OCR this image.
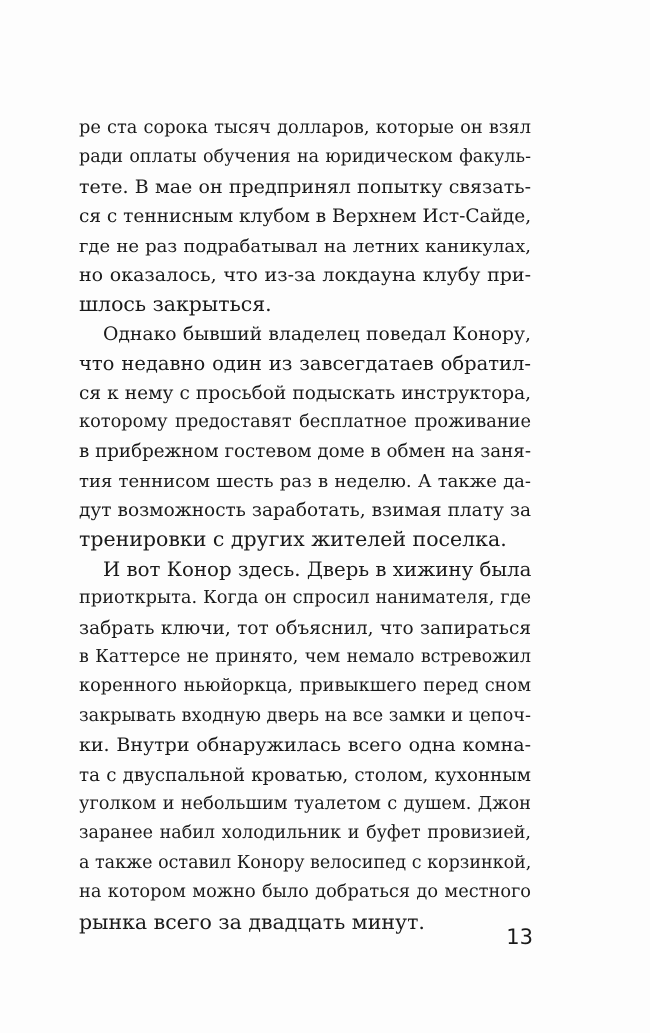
ре ста сорока тысяч долларов, которые он взял
ради оплаты обучения на юридическом факуль-
тете. В мае он предпринял попытку связать-
ся с теннисным клубом в Верхнем Ист-Сайде,
где не раз подрабатывал на летних каникулах,
но оказалось, что из-за локдауна клубу при-
шлось закрыться.
Однако бывший владелец поведал Конору,
что недавно один из завсегдатаев обратил-
ся к нему с просьбой подыскать инструктора,
которому предоставят бесплатное проживание
в прибрежном гостевом доме в обмен на заня-
тия теннисом шесть раз в неделю. А также да-
дут возможность заработать, взимая плату за
тренировки с других жителей поселка.
И вот Конор здесь. Дверь в хижину была
приоткрыта. Когда он спросил нанимателя, где
забрать ключи, тот объяснил, что запираться
в Каттерсе не принято, чем немало встревожил
коренного ньюйоркца, привыкшего перед сном
закрывать входную дверь на все замки и цепоч-
ки. Внутри обнаружилась всего одна комна-
та с двуспальной кроватью, столом, кухонным
уголком и небольшим туалетом с душем. Джон
заранее набил холодильник и буфет провизией,
а также оставил Конору велосипед с корзинкой,
на котором можно было добраться до местного
рынка всего за двадцать минут.
13
